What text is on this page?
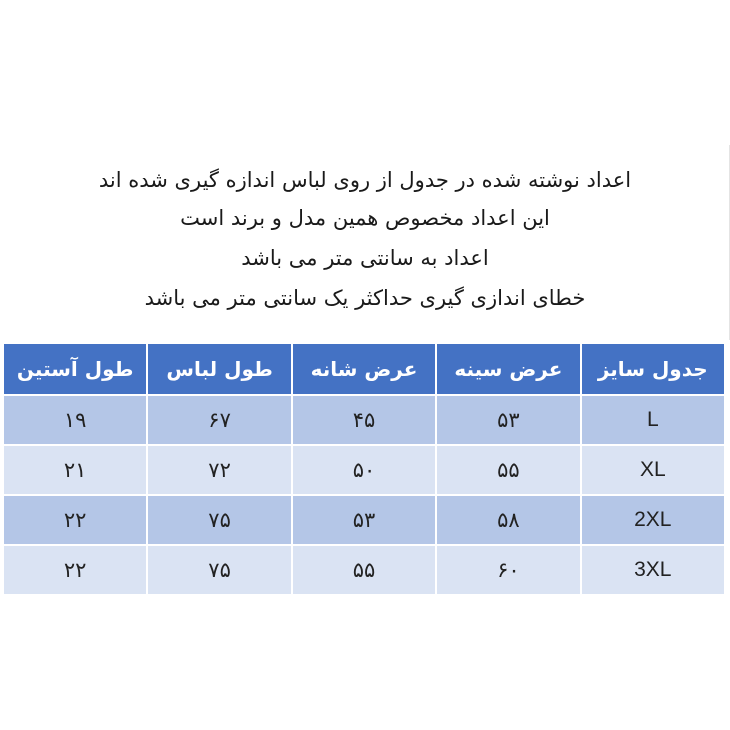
اعداد نوشته شده در جدول از روی لباس اندازه گیری شده اند
این اعداد مخصوص همین مدل و برند است
اعداد به سانتی متر می باشد
خطای اندازی گیری حداکثر یک سانتی متر می باشد
طول آستین	طول لباس	عرض شانه	عرض سینه	جدول سایز
۱۹	۶۷	۴۵	۵۳	L
۲۱	۷۲	۵۰	۵۵	XL
۲۲	۷۵	۵۳	۵۸	2XL
۲۲	۷۵	۵۵	۶۰	3XL
